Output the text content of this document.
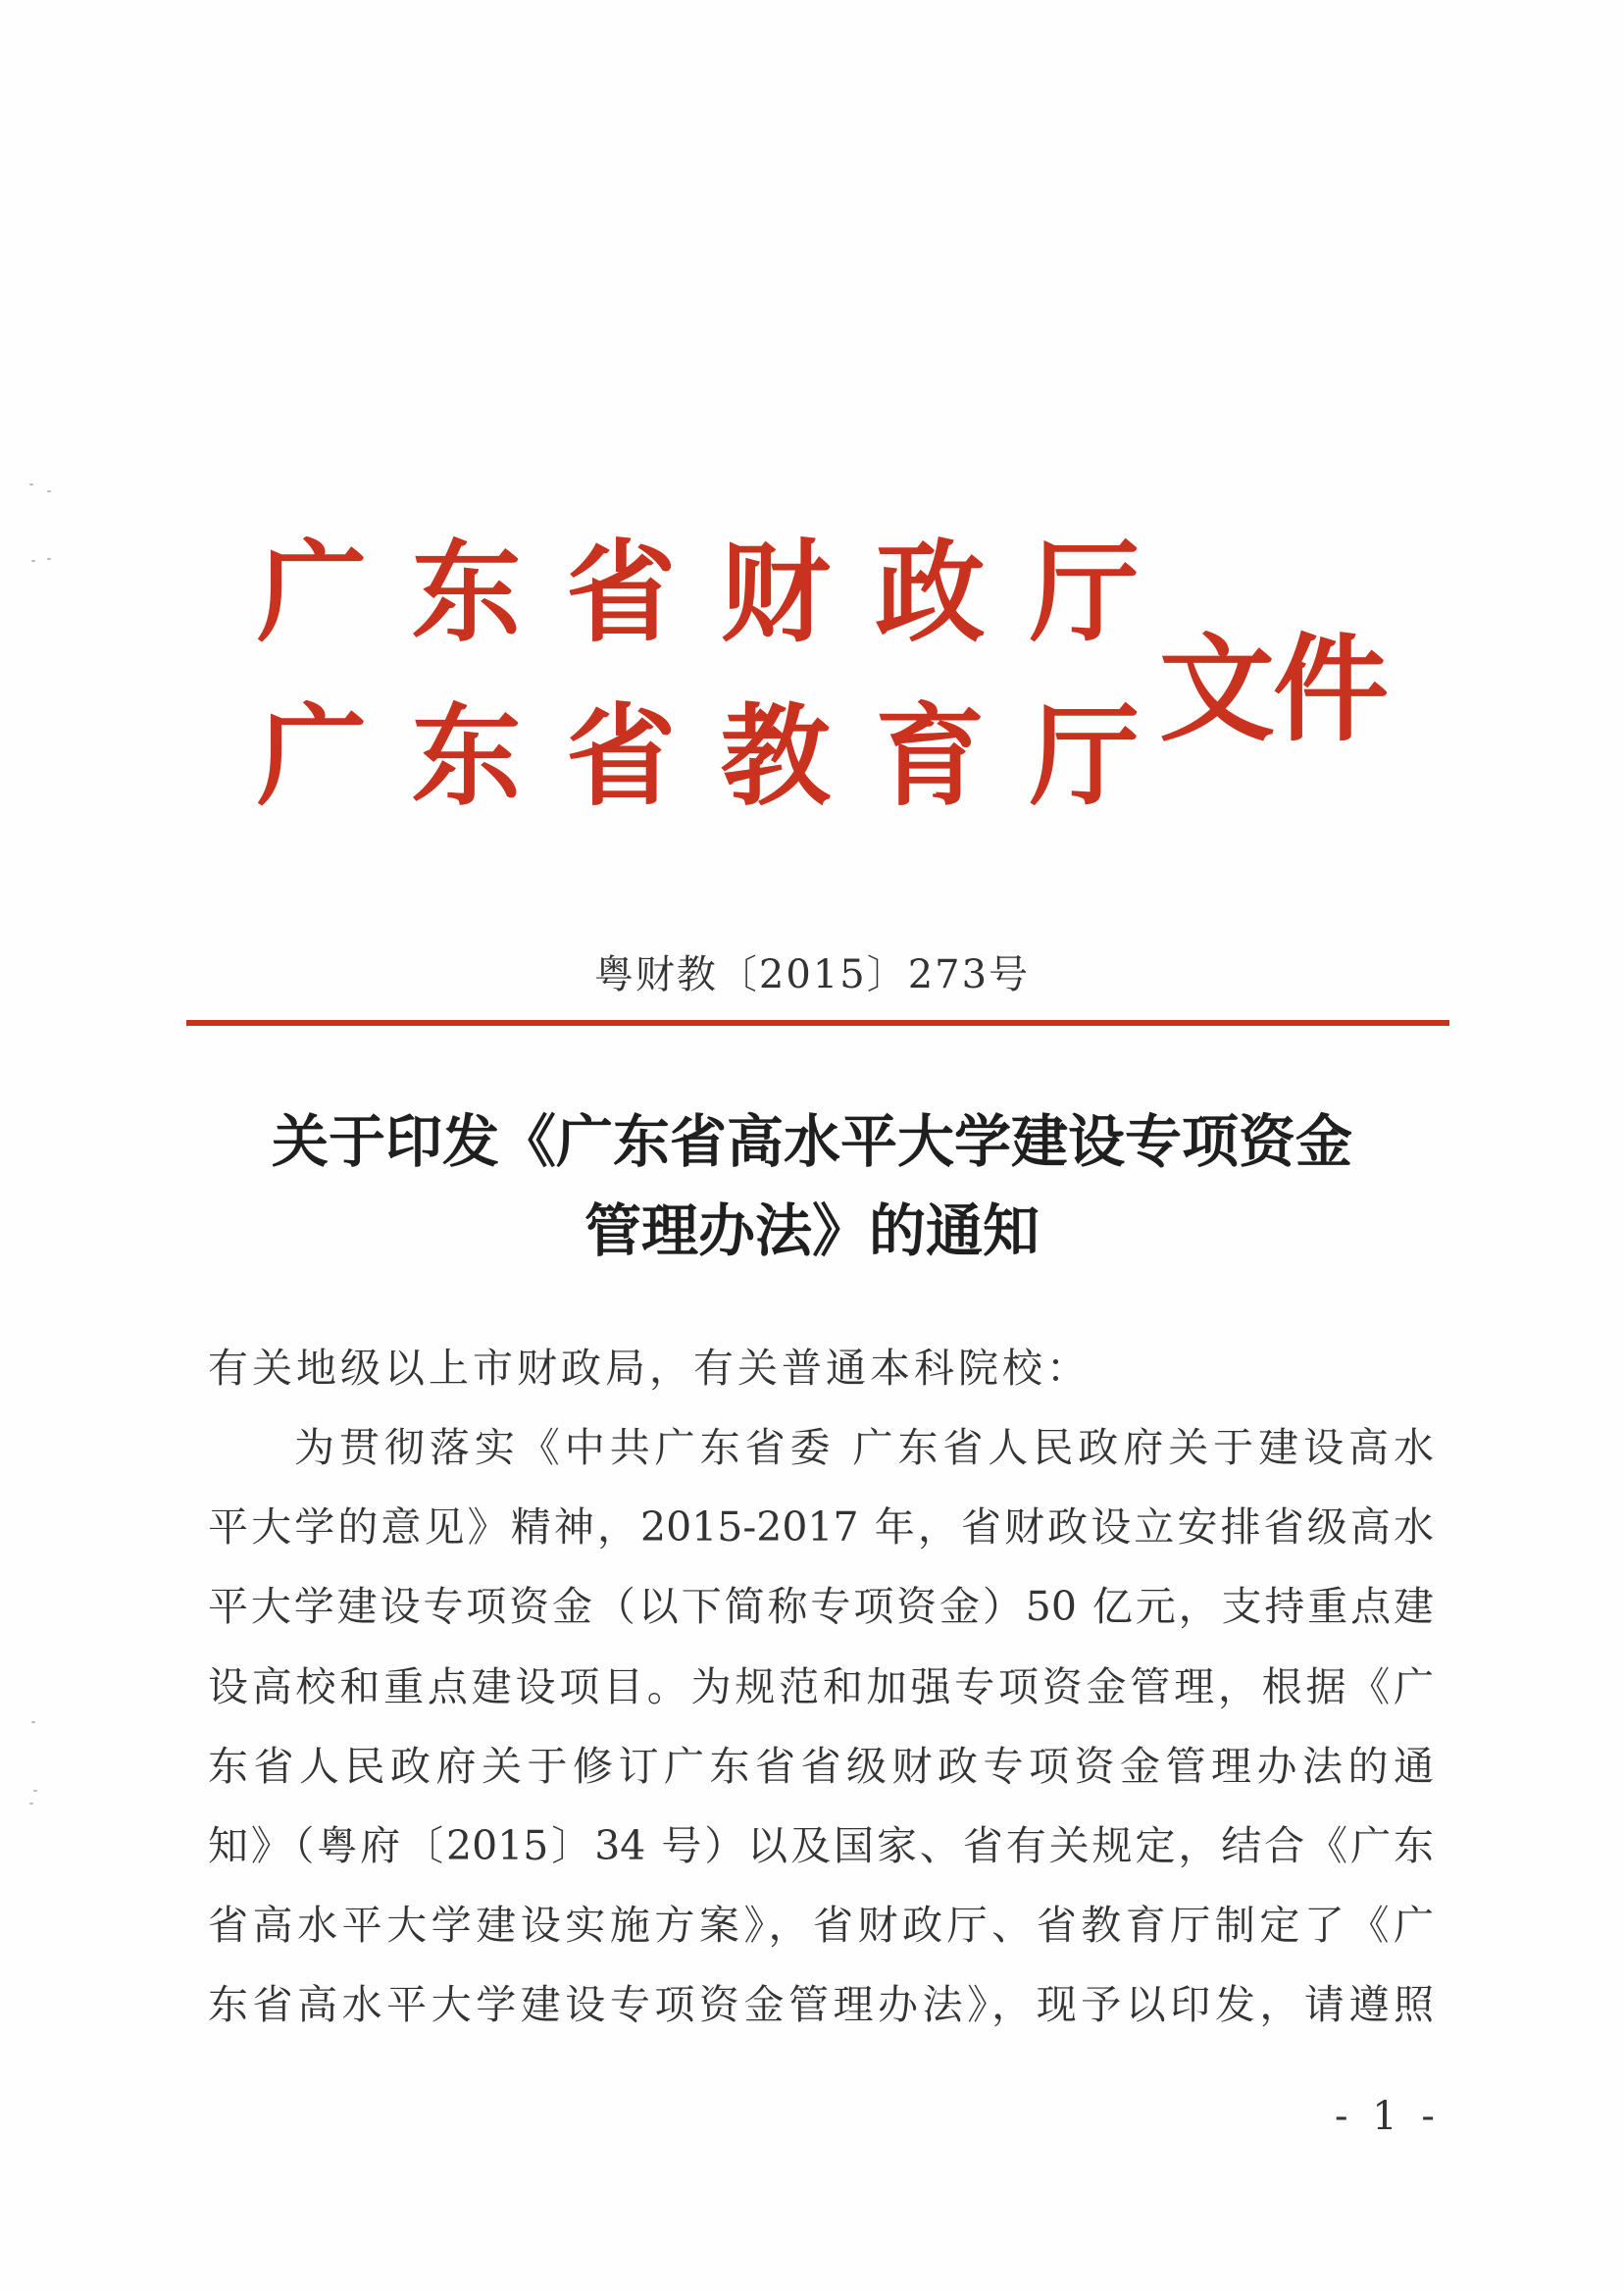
广 东 省 财 政 厅
广 东 省 教 育 厅 文件
粤财教〔2015〕273号
关于印发《广东省高水平大学建设专项资金
管理办法》的通知
有关地级以上市财政局，有关普通本科院校：
为贯彻落实《中共广东省委 广东省人民政府关于建设高水
平大学的意见》精神，2015-2017 年，省财政设立安排省级高水
平大学建设专项资金（以下简称专项资金）50 亿元，支持重点建
设高校和重点建设项目。为规范和加强专项资金管理，根据《广
东省人民政府关于修订广东省省级财政专项资金管理办法的通
知》（粤府〔2015〕34 号）以及国家、省有关规定，结合《广东
省高水平大学建设实施方案》，省财政厅、省教育厅制定了《广
东省高水平大学建设专项资金管理办法》，现予以印发，请遵照
- 1 -
